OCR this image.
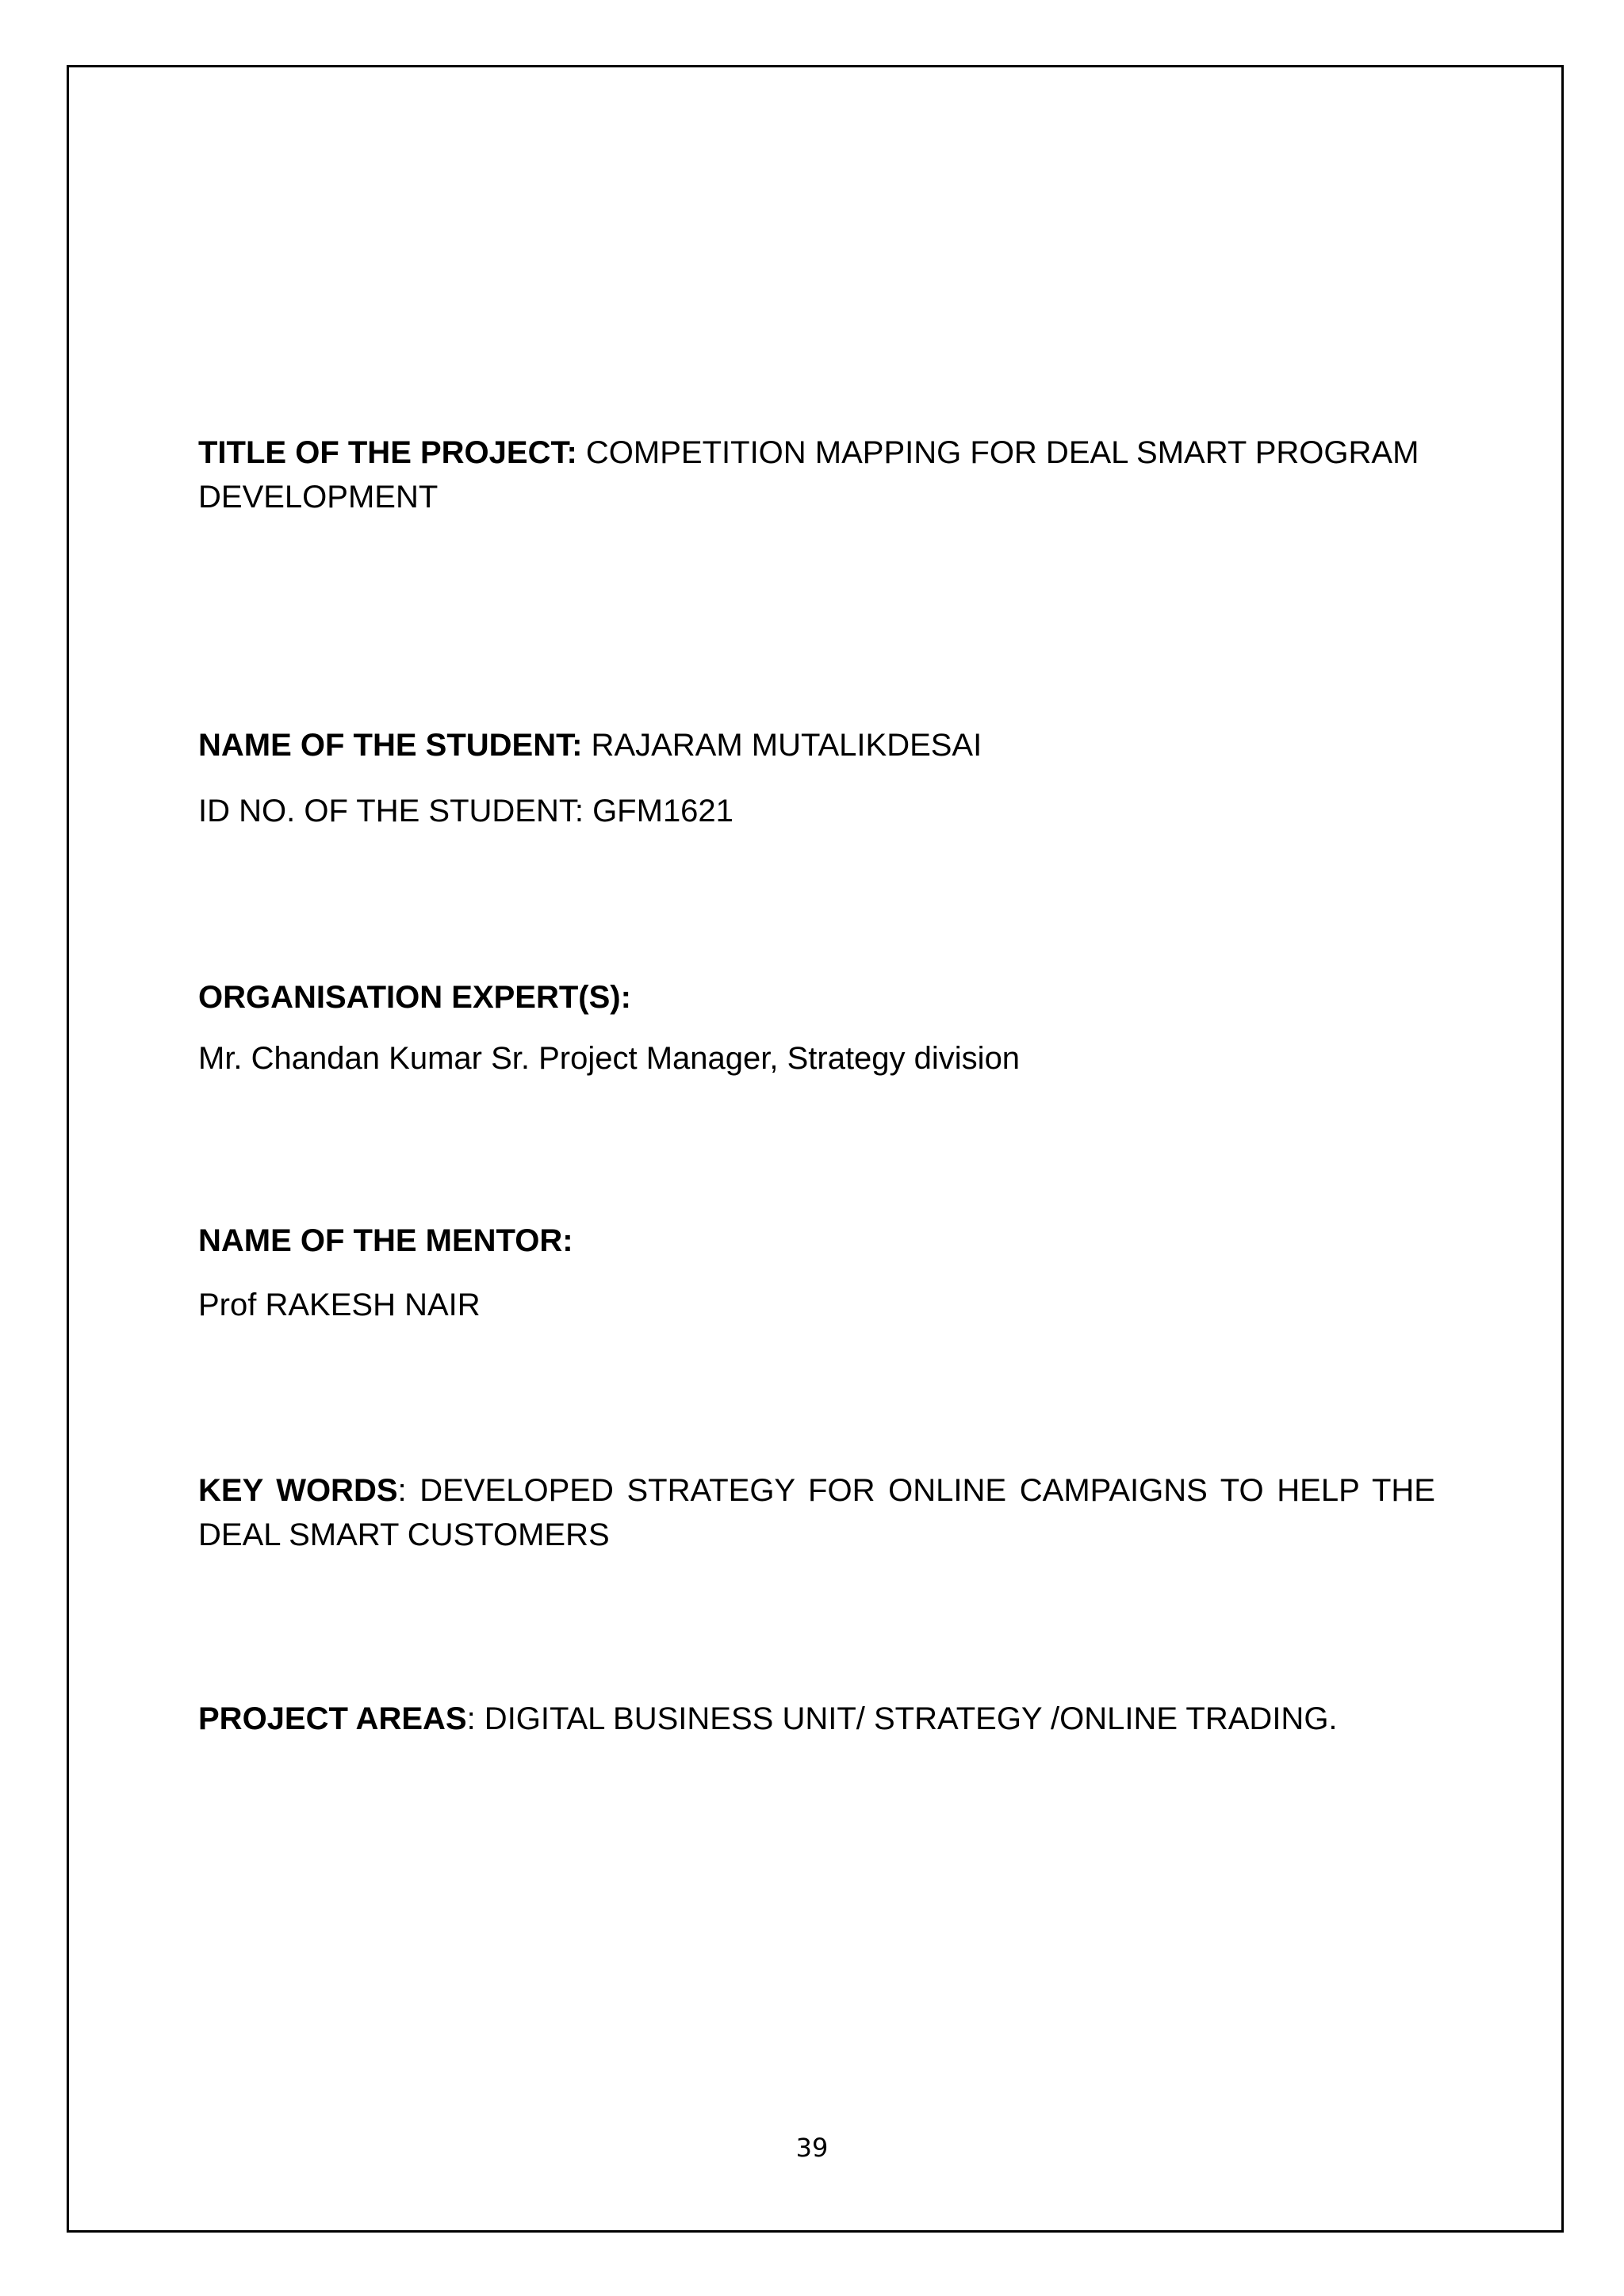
TITLE OF THE PROJECT: COMPETITION MAPPING FOR DEAL SMART PROGRAM DEVELOPMENT
NAME OF THE STUDENT: RAJARAM MUTALIKDESAI
ID NO. OF THE STUDENT: GFM1621
ORGANISATION EXPERT(S):
Mr. Chandan Kumar Sr. Project Manager, Strategy division
NAME OF THE MENTOR:
Prof RAKESH NAIR
KEY WORDS: DEVELOPED STRATEGY FOR ONLINE CAMPAIGNS TO HELP THE DEAL SMART CUSTOMERS
PROJECT AREAS: DIGITAL BUSINESS UNIT/ STRATEGY /ONLINE TRADING.
39
